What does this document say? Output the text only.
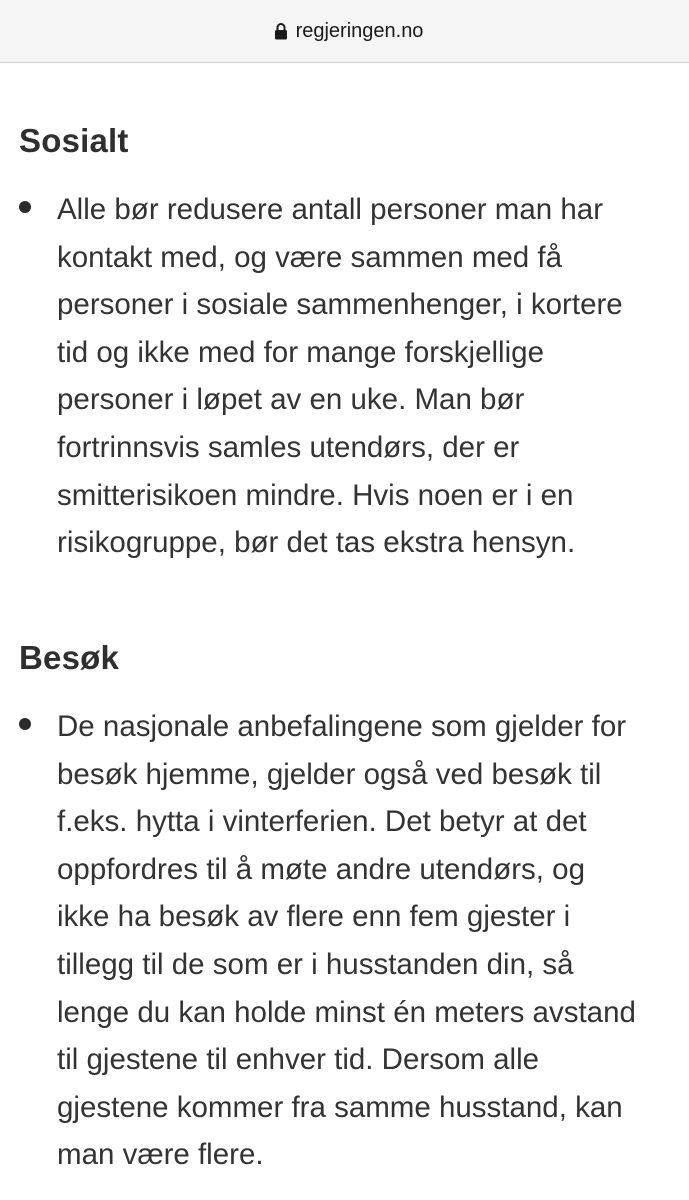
regjeringen.no
Sosialt
Alle bør redusere antall personer man har
kontakt med, og være sammen med få
personer i sosiale sammenhenger, i kortere
tid og ikke med for mange forskjellige
personer i løpet av en uke. Man bør
fortrinnsvis samles utendørs, der er
smitterisikoen mindre. Hvis noen er i en
risikogruppe, bør det tas ekstra hensyn.
Besøk
De nasjonale anbefalingene som gjelder for
besøk hjemme, gjelder også ved besøk til
f.eks. hytta i vinterferien. Det betyr at det
oppfordres til å møte andre utendørs, og
ikke ha besøk av flere enn fem gjester i
tillegg til de som er i husstanden din, så
lenge du kan holde minst én meters avstand
til gjestene til enhver tid. Dersom alle
gjestene kommer fra samme husstand, kan
man være flere.
